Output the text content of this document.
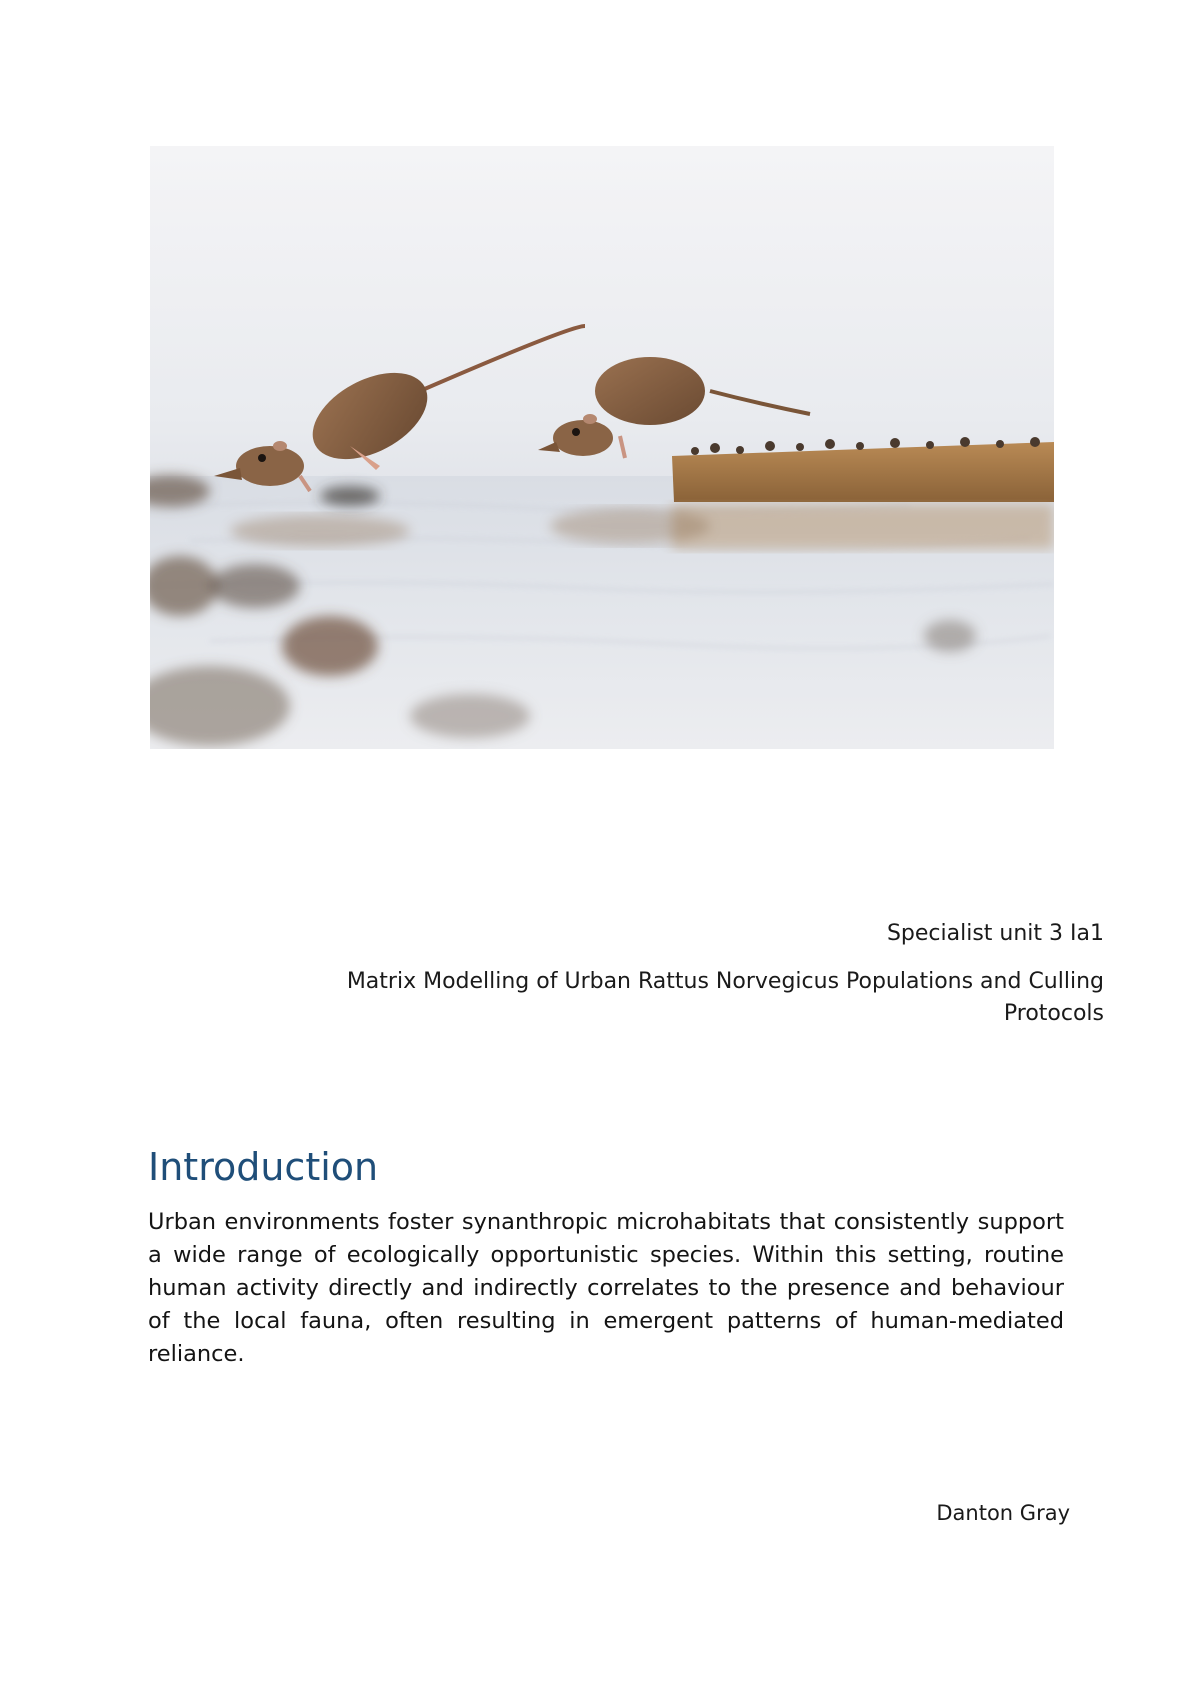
Specialist unit 3 Ia1
Matrix Modelling of Urban Rattus Norvegicus Populations and Culling Protocols
Introduction

Urban environments foster synanthropic microhabitats that consistently support a wide range of ecologically opportunistic species. Within this setting, routine human activity directly and indirectly correlates to the presence and behaviour of the local fauna, often resulting in emergent patterns of human-mediated reliance.

Danton Gray
